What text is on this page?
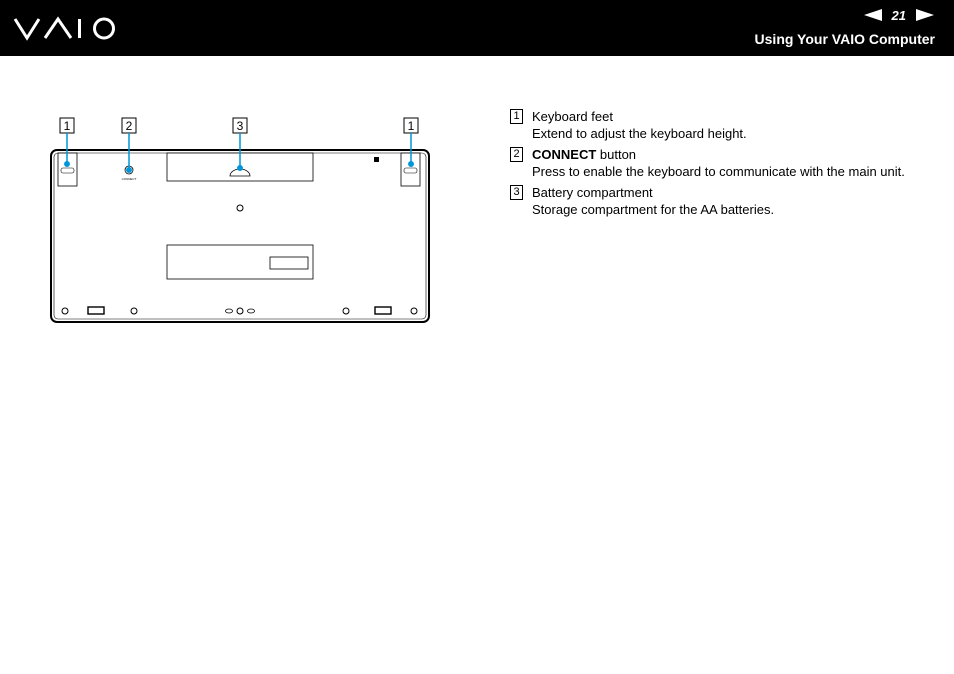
21
Using Your VAIO Computer
1	2	3	1
CONNECT
1 Keyboard feet
Extend to adjust the keyboard height.
2 CONNECT button
Press to enable the keyboard to communicate with the main unit.
3 Battery compartment
Storage compartment for the AA batteries.
